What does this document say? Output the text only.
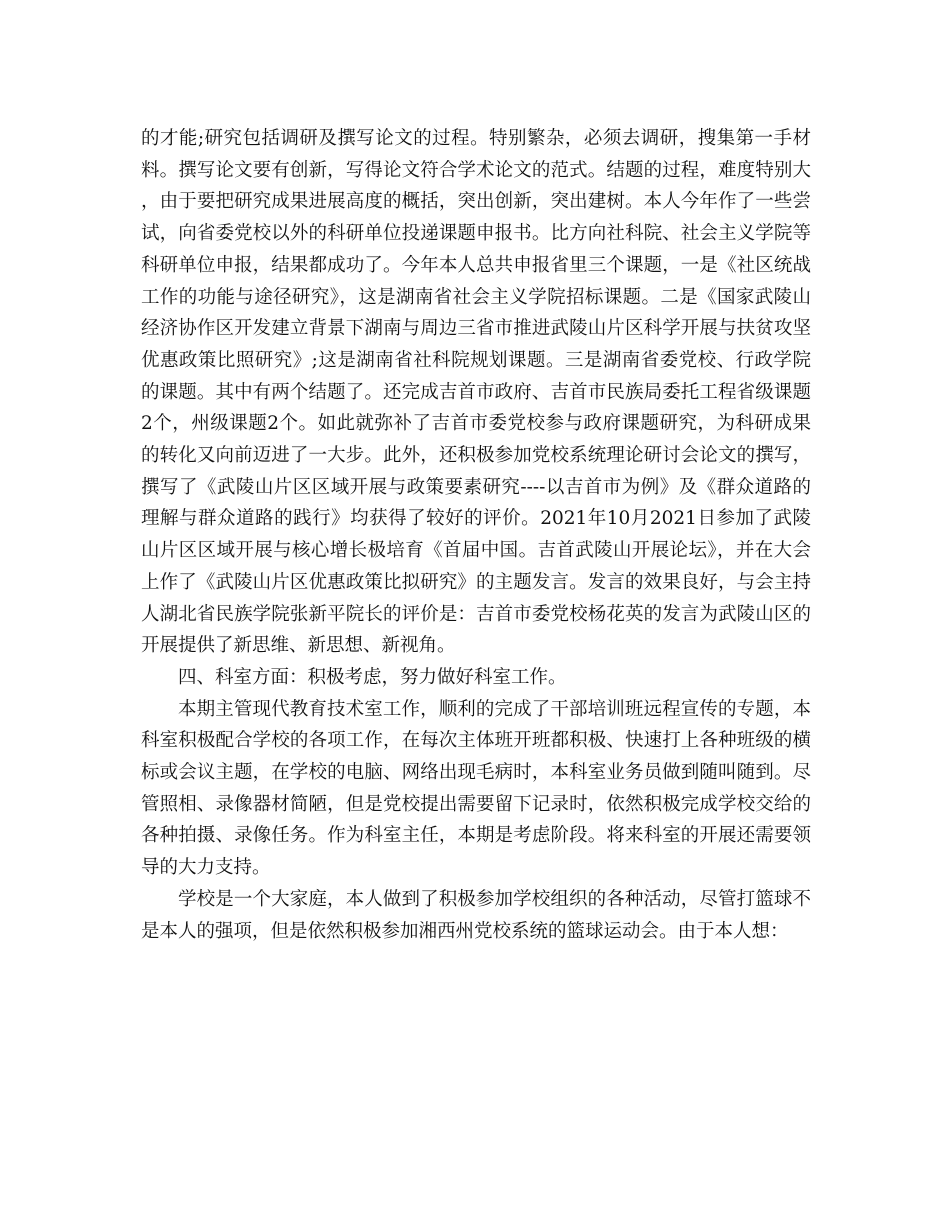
的才能;研究包括调研及撰写论文的过程。特别繁杂，必须去调研，搜集第一手材料。撰写论文要有创新，写得论文符合学术论文的范式。结题的过程，难度特别大，由于要把研究成果进展高度的概括，突出创新，突出建树。本人今年作了一些尝试，向省委党校以外的科研单位投递课题申报书。比方向社科院、社会主义学院等科研单位申报，结果都成功了。今年本人总共申报省里三个课题，一是《社区统战工作的功能与途径研究》，这是湖南省社会主义学院招标课题。二是《国家武陵山经济协作区开发建立背景下湖南与周边三省市推进武陵山片区科学开展与扶贫攻坚优惠政策比照研究》;这是湖南省社科院规划课题。三是湖南省委党校、行政学院的课题。其中有两个结题了。还完成吉首市政府、吉首市民族局委托工程省级课题2个，州级课题2个。如此就弥补了吉首市委党校参与政府课题研究，为科研成果的转化又向前迈进了一大步。此外，还积极参加党校系统理论研讨会论文的撰写，撰写了《武陵山片区区域开展与政策要素研究----以吉首市为例》及《群众道路的理解与群众道路的践行》均获得了较好的评价。2021年10月2021日参加了武陵山片区区域开展与核心增长极培育《首届中国。吉首武陵山开展论坛》，并在大会上作了《武陵山片区优惠政策比拟研究》的主题发言。发言的效果良好，与会主持人湖北省民族学院张新平院长的评价是：吉首市委党校杨花英的发言为武陵山区的开展提供了新思维、新思想、新视角。

四、科室方面：积极考虑，努力做好科室工作。

本期主管现代教育技术室工作，顺利的完成了干部培训班远程宣传的专题，本科室积极配合学校的各项工作，在每次主体班开班都积极、快速打上各种班级的横标或会议主题，在学校的电脑、网络出现毛病时，本科室业务员做到随叫随到。尽管照相、录像器材简陋，但是党校提出需要留下记录时，依然积极完成学校交给的各种拍摄、录像任务。作为科室主任，本期是考虑阶段。将来科室的开展还需要领导的大力支持。

学校是一个大家庭，本人做到了积极参加学校组织的各种活动，尽管打篮球不是本人的强项，但是依然积极参加湘西州党校系统的篮球运动会。由于本人想：
